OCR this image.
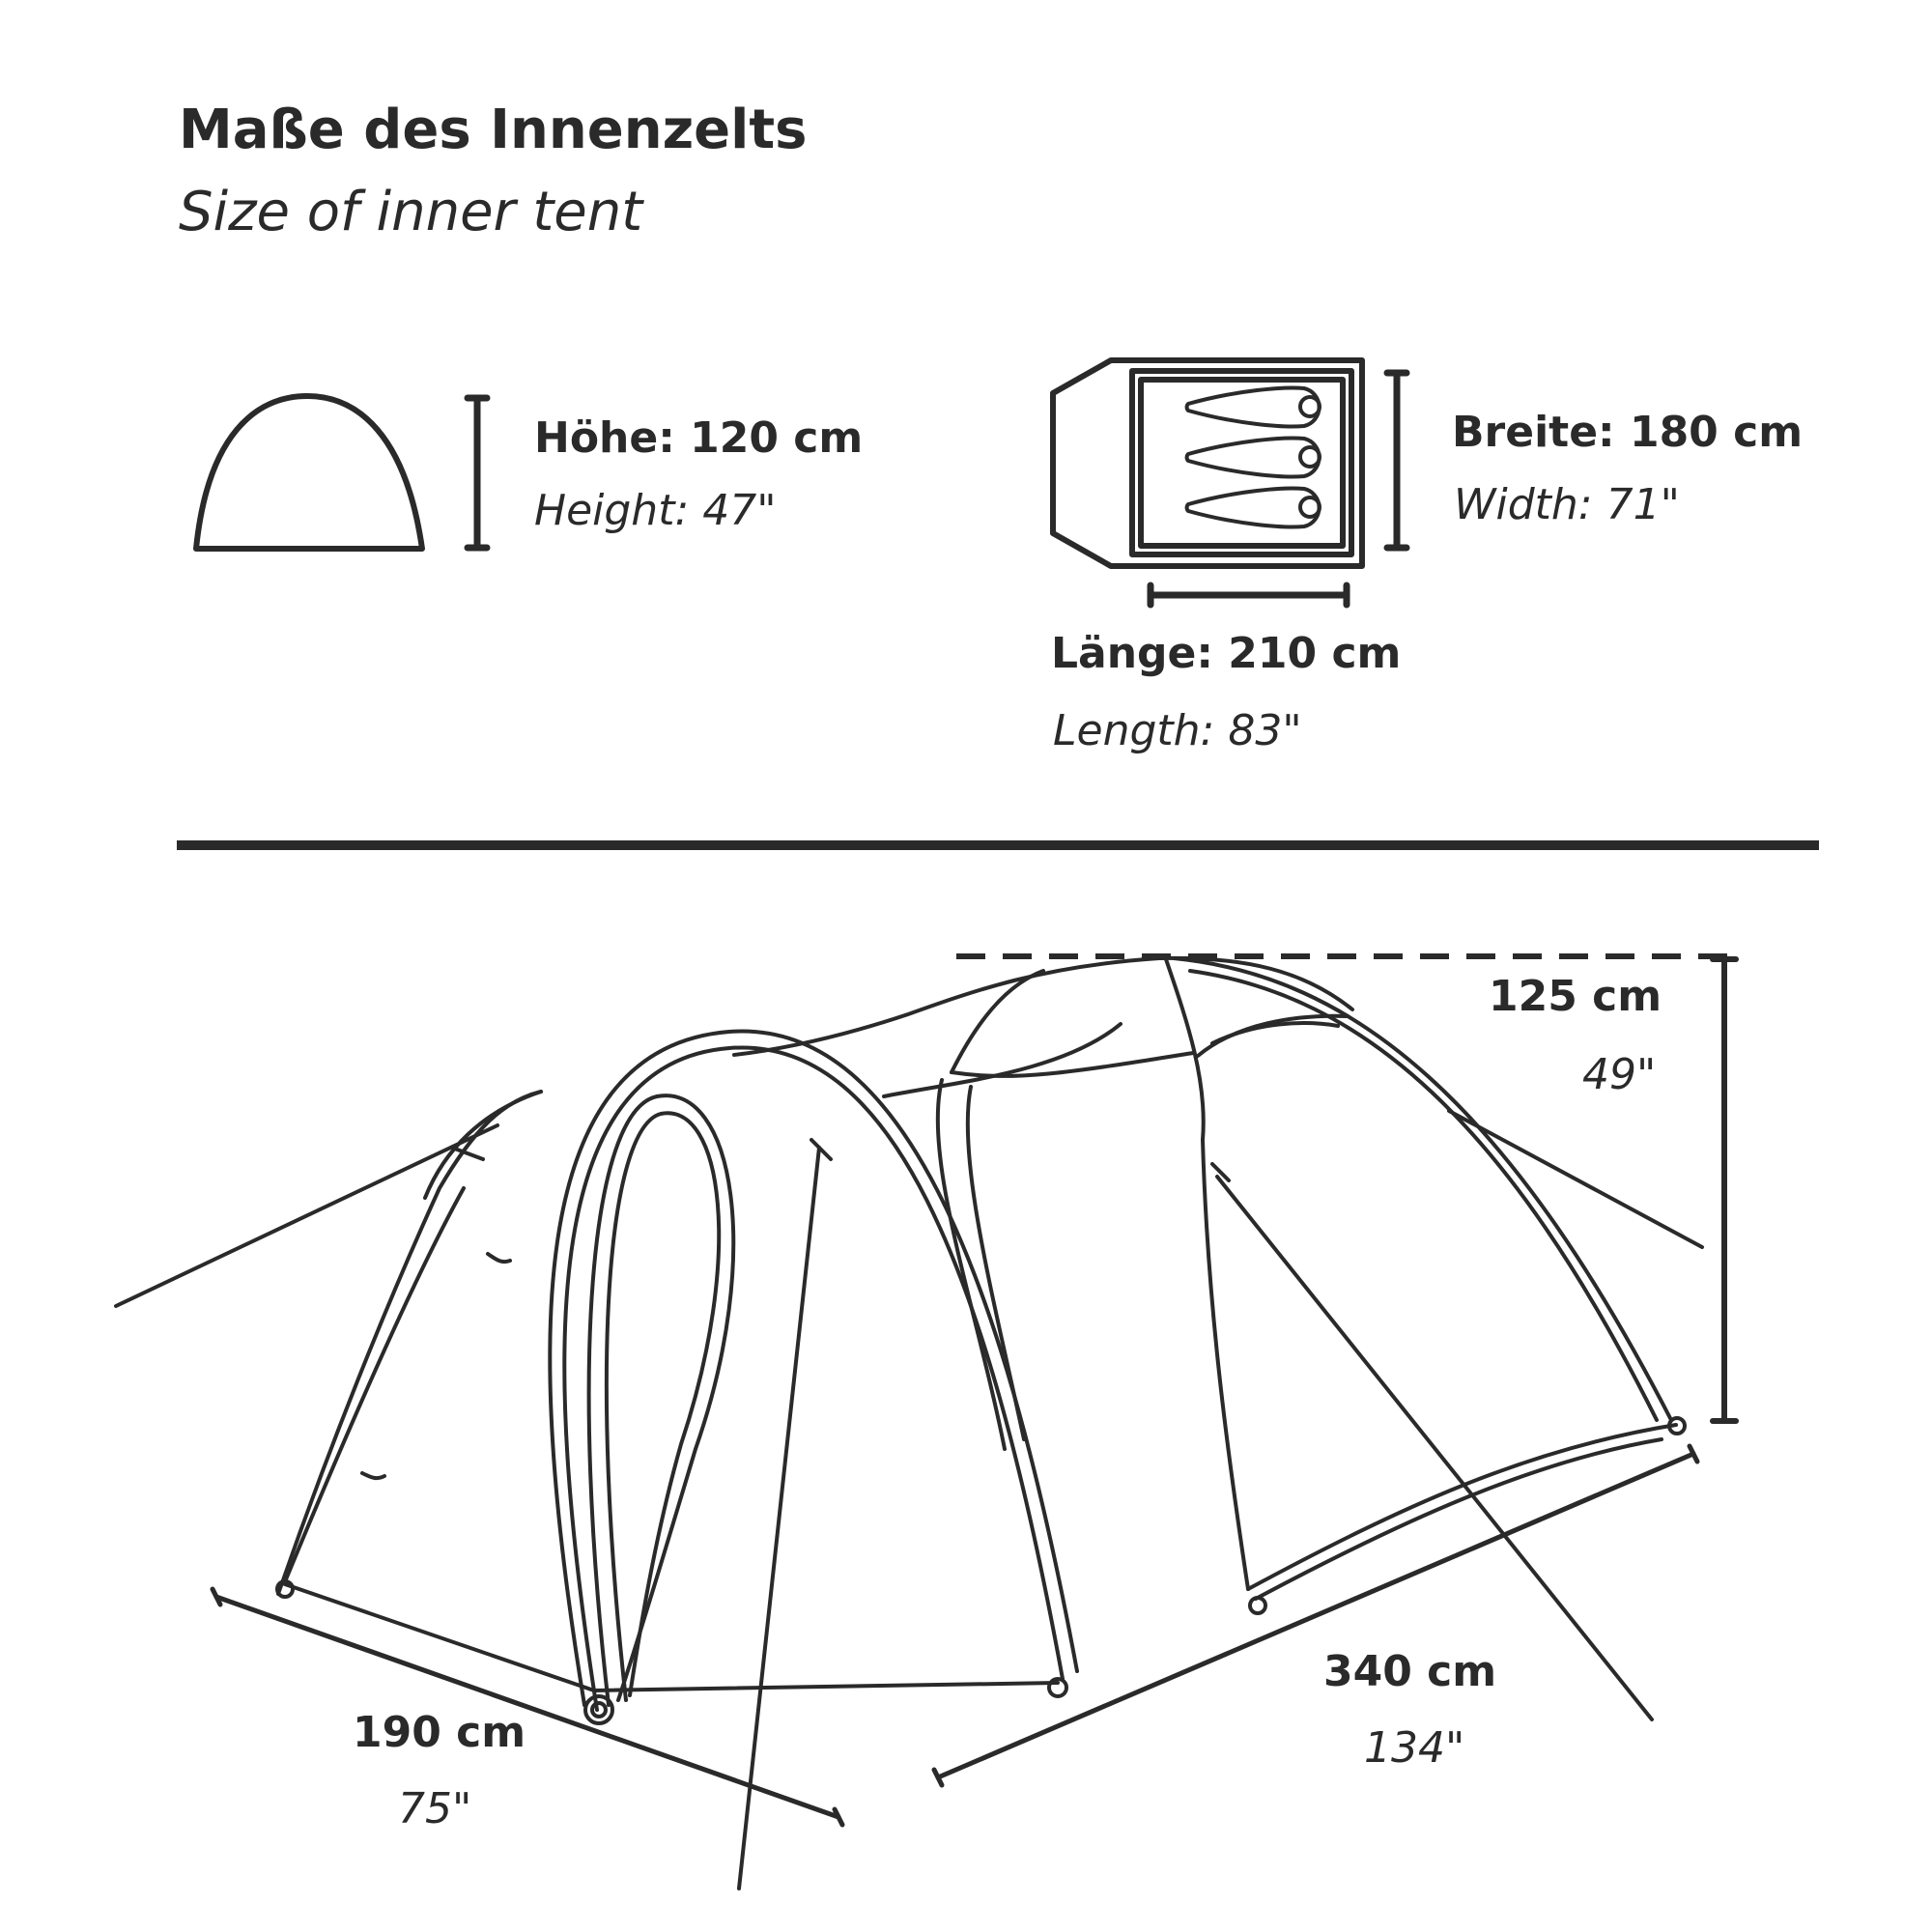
Maße des Innenzelts

Size of inner tent

Höhe: 120 cm
Height: 47"
Breite: 180 cm
Width: 71"
Länge: 210 cm
Length: 83"
125 cm
49"
190 cm
75"
340 cm
134"
